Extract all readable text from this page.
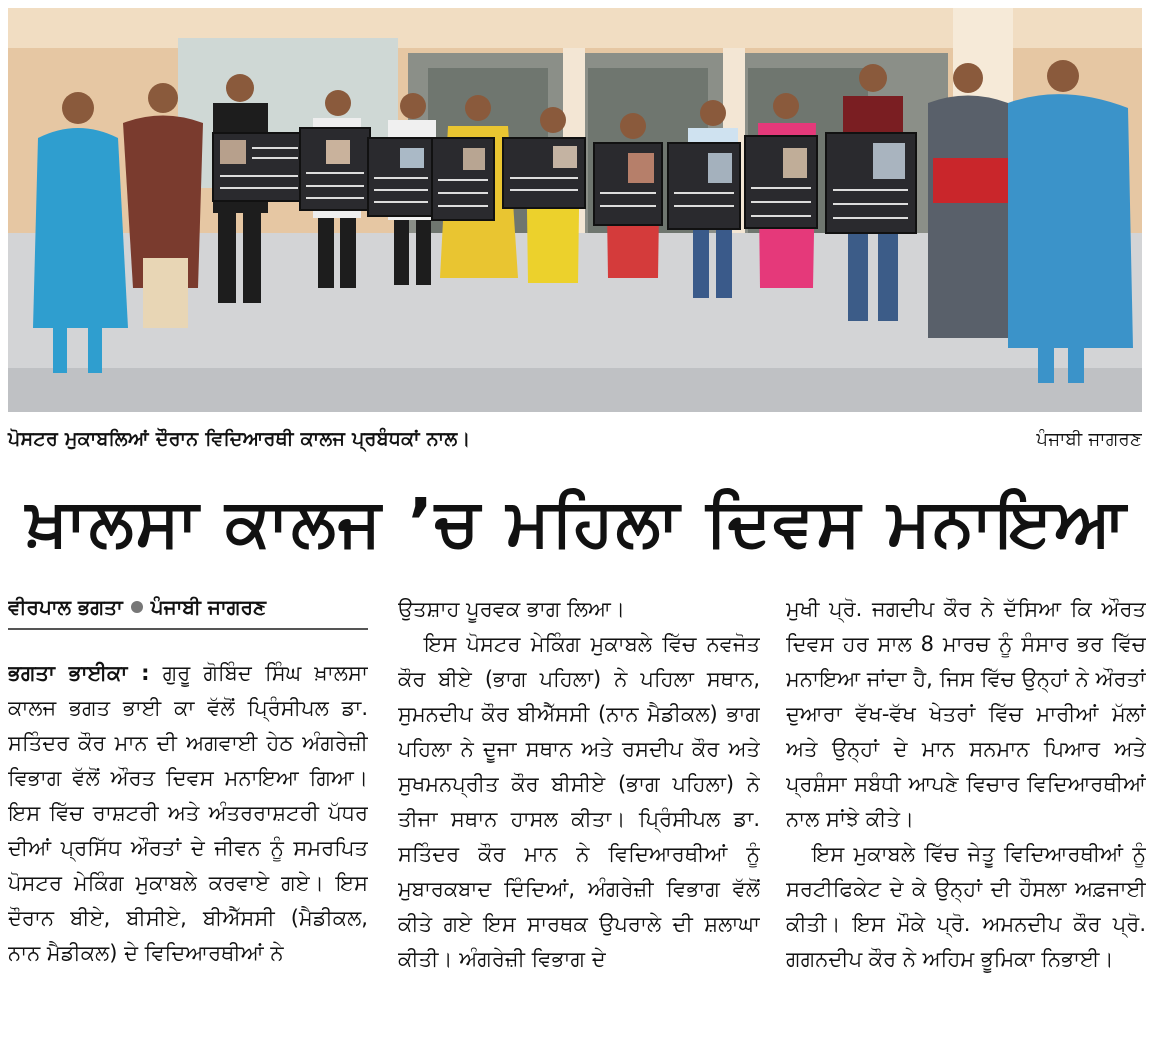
ਪੋਸਟਰ ਮੁਕਾਬਲਿਆਂ ਦੌਰਾਨ ਵਿਦਿਆਰਥੀ ਕਾਲਜ ਪ੍ਰਬੰਧਕਾਂ ਨਾਲ।	ਪੰਜਾਬੀ ਜਾਗਰਣ
ਖ਼ਾਲਸਾ ਕਾਲਜ ’ਚ ਮਹਿਲਾ ਦਿਵਸ ਮਨਾਇਆ
ਵੀਰਪਾਲ ਭਗਤਾ ਪੰਜਾਬੀ ਜਾਗਰਣ

ਭਗਤਾ ਭਾਈਕਾ : ਗੁਰੂ ਗੋਬਿੰਦ ਸਿੰਘ ਖ਼ਾਲਸਾ ਕਾਲਜ ਭਗਤ ਭਾਈ ਕਾ ਵੱਲੋਂ ਪ੍ਰਿੰਸੀਪਲ ਡਾ. ਸਤਿੰਦਰ ਕੌਰ ਮਾਨ ਦੀ ਅਗਵਾਈ ਹੇਠ ਅੰਗਰੇਜ਼ੀ ਵਿਭਾਗ ਵੱਲੋਂ ਔਰਤ ਦਿਵਸ ਮਨਾਇਆ ਗਿਆ। ਇਸ ਵਿੱਚ ਰਾਸ਼ਟਰੀ ਅਤੇ ਅੰਤਰਰਾਸ਼ਟਰੀ ਪੱਧਰ ਦੀਆਂ ਪ੍ਰਸਿੱਧ ਔਰਤਾਂ ਦੇ ਜੀਵਨ ਨੂੰ ਸਮਰਪਿਤ ਪੋਸਟਰ ਮੇਕਿੰਗ ਮੁਕਾਬਲੇ ਕਰਵਾਏ ਗਏ। ਇਸ ਦੌਰਾਨ ਬੀਏ, ਬੀਸੀਏ, ਬੀਐੱਸਸੀ (ਮੈਡੀਕਲ, ਨਾਨ ਮੈਡੀਕਲ) ਦੇ ਵਿਦਿਆਰਥੀਆਂ ਨੇ

ਉਤਸ਼ਾਹ ਪੂਰਵਕ ਭਾਗ ਲਿਆ।

ਇਸ ਪੋਸਟਰ ਮੇਕਿੰਗ ਮੁਕਾਬਲੇ ਵਿੱਚ ਨਵਜੋਤ ਕੌਰ ਬੀਏ (ਭਾਗ ਪਹਿਲਾ) ਨੇ ਪਹਿਲਾ ਸਥਾਨ, ਸੁਮਨਦੀਪ ਕੌਰ ਬੀਐੱਸਸੀ (ਨਾਨ ਮੈਡੀਕਲ) ਭਾਗ ਪਹਿਲਾ ਨੇ ਦੂਜਾ ਸਥਾਨ ਅਤੇ ਰਸਦੀਪ ਕੌਰ ਅਤੇ ਸੁਖਮਨਪ੍ਰੀਤ ਕੌਰ ਬੀਸੀਏ (ਭਾਗ ਪਹਿਲਾ) ਨੇ ਤੀਜਾ ਸਥਾਨ ਹਾਸਲ ਕੀਤਾ। ਪ੍ਰਿੰਸੀਪਲ ਡਾ. ਸਤਿੰਦਰ ਕੌਰ ਮਾਨ ਨੇ ਵਿਦਿਆਰਥੀਆਂ ਨੂੰ ਮੁਬਾਰਕਬਾਦ ਦਿੰਦਿਆਂ, ਅੰਗਰੇਜ਼ੀ ਵਿਭਾਗ ਵੱਲੋਂ ਕੀਤੇ ਗਏ ਇਸ ਸਾਰਥਕ ਉਪਰਾਲੇ ਦੀ ਸ਼ਲਾਘਾ ਕੀਤੀ। ਅੰਗਰੇਜ਼ੀ ਵਿਭਾਗ ਦੇ

ਮੁਖੀ ਪ੍ਰੋ. ਜਗਦੀਪ ਕੌਰ ਨੇ ਦੱਸਿਆ ਕਿ ਔਰਤ ਦਿਵਸ ਹਰ ਸਾਲ 8 ਮਾਰਚ ਨੂੰ ਸੰਸਾਰ ਭਰ ਵਿੱਚ ਮਨਾਇਆ ਜਾਂਦਾ ਹੈ, ਜਿਸ ਵਿੱਚ ਉਨ੍ਹਾਂ ਨੇ ਔਰਤਾਂ ਦੁਆਰਾ ਵੱਖ-ਵੱਖ ਖੇਤਰਾਂ ਵਿੱਚ ਮਾਰੀਆਂ ਮੱਲਾਂ ਅਤੇ ਉਨ੍ਹਾਂ ਦੇ ਮਾਨ ਸਨਮਾਨ ਪਿਆਰ ਅਤੇ ਪ੍ਰਸ਼ੰਸਾ ਸਬੰਧੀ ਆਪਣੇ ਵਿਚਾਰ ਵਿਦਿਆਰਥੀਆਂ ਨਾਲ ਸਾਂਝੇ ਕੀਤੇ।

ਇਸ ਮੁਕਾਬਲੇ ਵਿੱਚ ਜੇਤੂ ਵਿਦਿਆਰਥੀਆਂ ਨੂੰ ਸਰਟੀਫਿਕੇਟ ਦੇ ਕੇ ਉਨ੍ਹਾਂ ਦੀ ਹੌਸਲਾ ਅਫ਼ਜਾਈ ਕੀਤੀ। ਇਸ ਮੌਕੇ ਪ੍ਰੋ. ਅਮਨਦੀਪ ਕੌਰ ਪ੍ਰੋ. ਗਗਨਦੀਪ ਕੌਰ ਨੇ ਅਹਿਮ ਭੂਮਿਕਾ ਨਿਭਾਈ।
